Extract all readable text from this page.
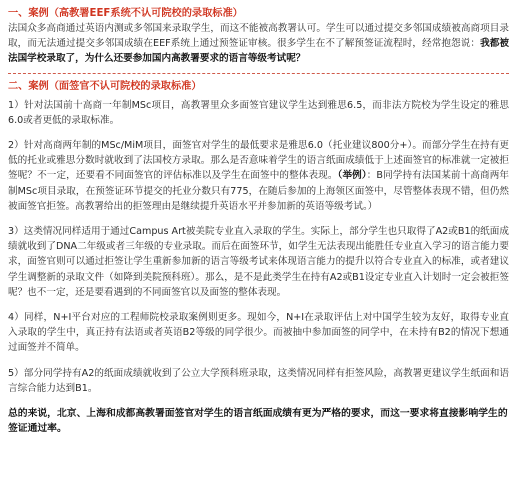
一、案例（高教署EEF系统不认可院校的录取标准）

法国众多高商通过英语内测或多邻国来录取学生，而这不能被高教署认可。学生可以通过提交多邻国成绩被高商项目录取，而无法通过提交多邻国成绩在EEF系统上通过预签证审核。很多学生在不了解预签证流程时，经常抱怨说：我都被法国学校录取了，为什么还要参加国内高教署要求的语言等级考试呢？

二、案例（面签官不认可院校的录取标准）

1）针对法国前十高商一年制MSc项目，高教署里众多面签官建议学生达到雅思6.5，而非法方院校为学生设定的雅思6.0或者更低的录取标准。

2）针对高商两年制的MSc/MiM项目，面签官对学生的最低要求是雅思6.0（托业建议800分+）。而部分学生在持有更低的托业或雅思分数时就收到了法国校方录取。那么是否意味着学生的语言纸面成绩低于上述面签官的标准就一定被拒签呢？不一定，还要看不同面签官的评估标准以及学生在面签中的整体表现。（举例）：B同学持有法国某前十高商两年制MSc项目录取，在预签证环节提交的托业分数只有775，在随后参加的上海领区面签中，尽管整体表现不错，但仍然被面签官拒签。高教署给出的拒签理由是继续提升英语水平并参加新的英语等级考试。）

3）这类情况同样适用于通过Campus Art被美院专业直入录取的学生。实际上，部分学生也只取得了A2或B1的纸面成绩就收到了DNA二年级或者三年级的专业录取。而后在面签环节，如学生无法表现出能胜任专业直入学习的语言能力要求，面签官则可以通过拒签让学生重新参加新的语言等级考试来体现语言能力的提升以符合专业直入的标准，或者建议学生调整新的录取文件（如降到美院预科班）。那么，是不是此类学生在持有A2或B1设定专业直入计划时一定会被拒签呢？也不一定，还是要看遇到的不同面签官以及面签的整体表现。

4）同样，N+I平台对应的工程师院校录取案例则更多。现如今，N+I在录取评估上对中国学生较为友好，取得专业直入录取的学生中，真正持有法语或者英语B2等级的同学很少。而被抽中参加面签的同学中，在未持有B2的情况下想通过面签并不简单。

5）部分同学持有A2的纸面成绩就收到了公立大学预科班录取，这类情况同样有拒签风险，高教署更建议学生纸面和语言综合能力达到B1。

总的来说，北京、上海和成都高教署面签官对学生的语言纸面成绩有更为严格的要求，而这一要求将直接影响学生的签证通过率。
